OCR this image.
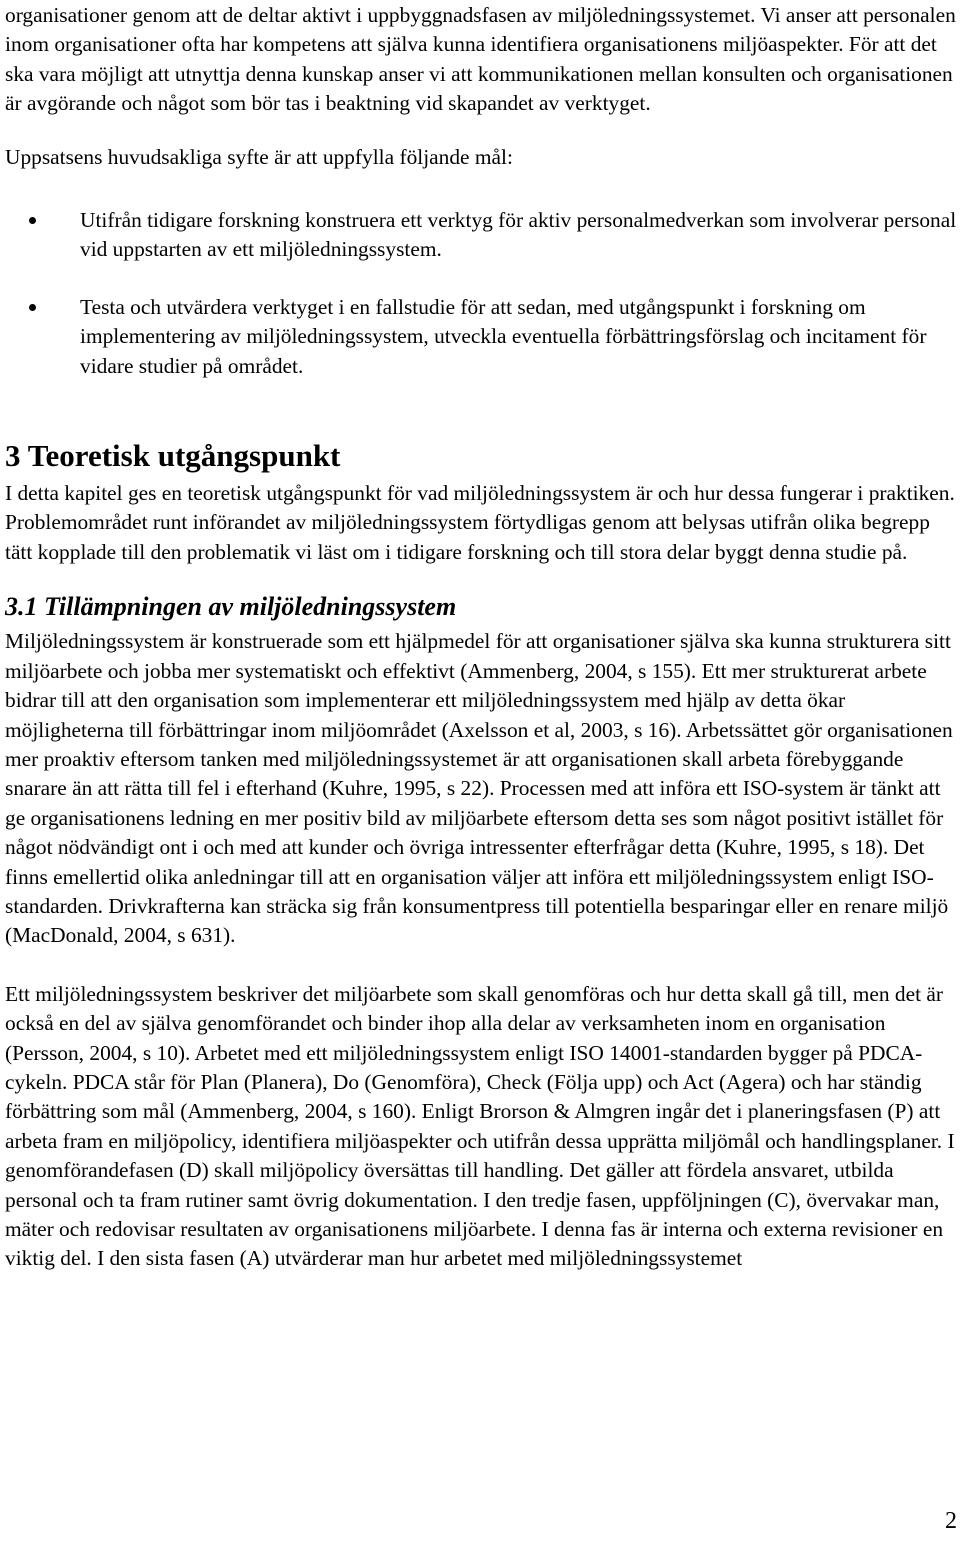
organisationer genom att de deltar aktivt i uppbyggnadsfasen av miljöledningssystemet. Vi anser att personalen inom organisationer ofta har kompetens att själva kunna identifiera organisationens miljöaspekter. För att det ska vara möjligt att utnyttja denna kunskap anser vi att kommunikationen mellan konsulten och organisationen är avgörande och något som bör tas i beaktning vid skapandet av verktyget.

Uppsatsens huvudsakliga syfte är att uppfylla följande mål:

Utifrån tidigare forskning konstruera ett verktyg för aktiv personalmedverkan som involverar personal vid uppstarten av ett miljöledningssystem.
Testa och utvärdera verktyget i en fallstudie för att sedan, med utgångspunkt i forskning om implementering av miljöledningssystem, utveckla eventuella förbättringsförslag och incitament för vidare studier på området.
3 Teoretisk utgångspunkt

I detta kapitel ges en teoretisk utgångspunkt för vad miljöledningssystem är och hur dessa fungerar i praktiken. Problemområdet runt införandet av miljöledningssystem förtydligas genom att belysas utifrån olika begrepp tätt kopplade till den problematik vi läst om i tidigare forskning och till stora delar byggt denna studie på.

3.1 Tillämpningen av miljöledningssystem

Miljöledningssystem är konstruerade som ett hjälpmedel för att organisationer själva ska kunna strukturera sitt miljöarbete och jobba mer systematiskt och effektivt (Ammenberg, 2004, s 155). Ett mer strukturerat arbete bidrar till att den organisation som implementerar ett miljöledningssystem med hjälp av detta ökar möjligheterna till förbättringar inom miljöområdet (Axelsson et al, 2003, s 16). Arbetssättet gör organisationen mer proaktiv eftersom tanken med miljöledningssystemet är att organisationen skall arbeta förebyggande snarare än att rätta till fel i efterhand (Kuhre, 1995, s 22). Processen med att införa ett ISO-system är tänkt att ge organisationens ledning en mer positiv bild av miljöarbete eftersom detta ses som något positivt istället för något nödvändigt ont i och med att kunder och övriga intressenter efterfrågar detta (Kuhre, 1995, s 18). Det finns emellertid olika anledningar till att en organisation väljer att införa ett miljöledningssystem enligt ISO-standarden. Drivkrafterna kan sträcka sig från konsumentpress till potentiella besparingar eller en renare miljö (MacDonald, 2004, s 631).

Ett miljöledningssystem beskriver det miljöarbete som skall genomföras och hur detta skall gå till, men det är också en del av själva genomförandet och binder ihop alla delar av verksamheten inom en organisation (Persson, 2004, s 10). Arbetet med ett miljöledningssystem enligt ISO 14001-standarden bygger på PDCA-cykeln. PDCA står för Plan (Planera), Do (Genomföra), Check (Följa upp) och Act (Agera) och har ständig förbättring som mål (Ammenberg, 2004, s 160). Enligt Brorson & Almgren ingår det i planeringsfasen (P) att arbeta fram en miljöpolicy, identifiera miljöaspekter och utifrån dessa upprätta miljömål och handlingsplaner. I genomförandefasen (D) skall miljöpolicy översättas till handling. Det gäller att fördela ansvaret, utbilda personal och ta fram rutiner samt övrig dokumentation. I den tredje fasen, uppföljningen (C), övervakar man, mäter och redovisar resultaten av organisationens miljöarbete. I denna fas är interna och externa revisioner en viktig del. I den sista fasen (A) utvärderar man hur arbetet med miljöledningssystemet

2
